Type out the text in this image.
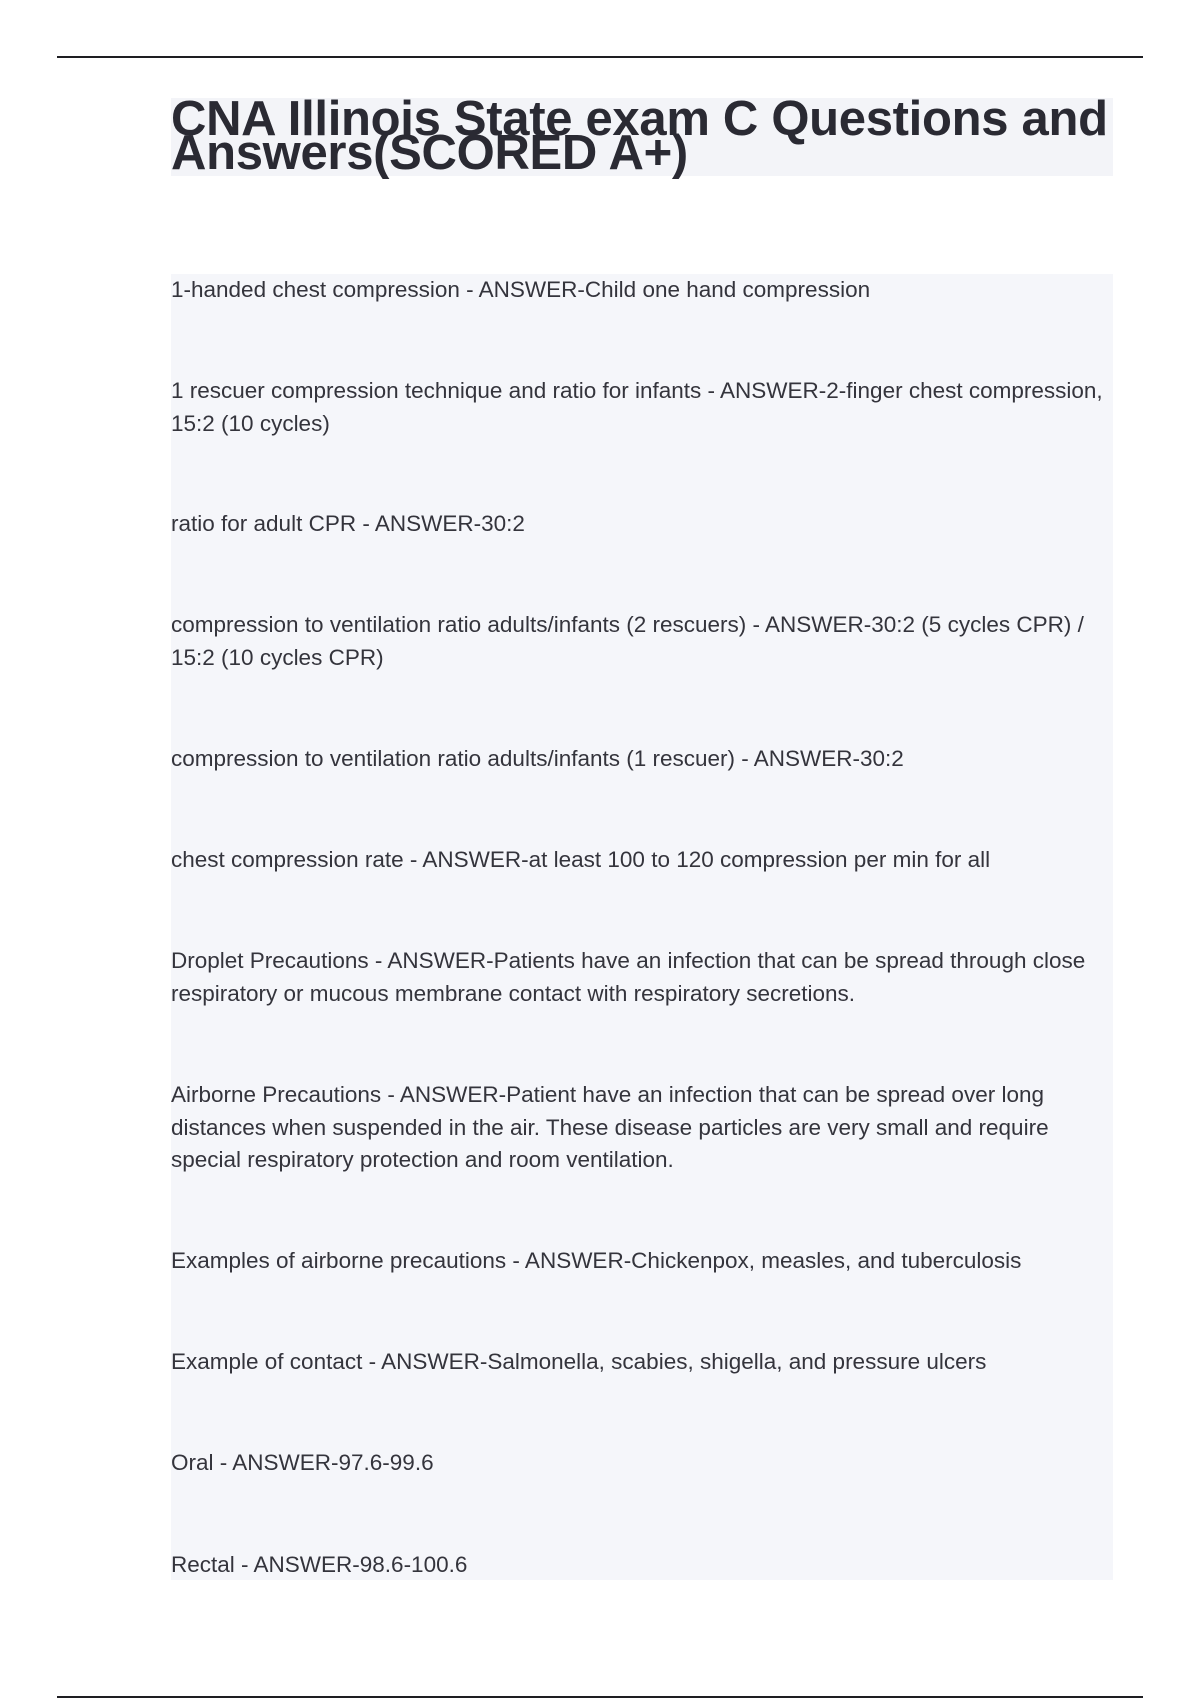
CNA Illinois State exam C Questions and Answers(SCORED A+)

1-handed chest compression - ANSWER-Child one hand compression

1 rescuer compression technique and ratio for infants - ANSWER-2-finger chest compression, 15:2 (10 cycles)

ratio for adult CPR - ANSWER-30:2

compression to ventilation ratio adults/infants (2 rescuers) - ANSWER-30:2 (5 cycles CPR) / 15:2 (10 cycles CPR)

compression to ventilation ratio adults/infants (1 rescuer) - ANSWER-30:2

chest compression rate - ANSWER-at least 100 to 120 compression per min for all

Droplet Precautions - ANSWER-Patients have an infection that can be spread through close respiratory or mucous membrane contact with respiratory secretions.

Airborne Precautions - ANSWER-Patient have an infection that can be spread over long distances when suspended in the air. These disease particles are very small and require special respiratory protection and room ventilation.

Examples of airborne precautions - ANSWER-Chickenpox, measles, and tuberculosis

Example of contact - ANSWER-Salmonella, scabies, shigella, and pressure ulcers

Oral - ANSWER-97.6-99.6

Rectal - ANSWER-98.6-100.6
